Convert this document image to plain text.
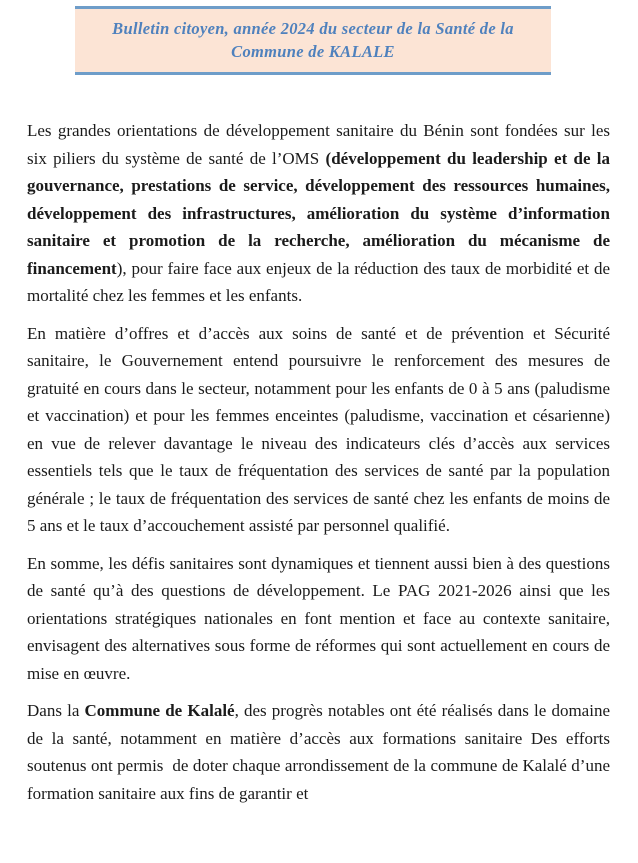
Bulletin citoyen, année 2024 du secteur de la Santé de la
Commune de KALALE

Les grandes orientations de développement sanitaire du Bénin sont fondées sur les six piliers du système de santé de l’OMS (développement du leadership et de la gouvernance, prestations de service, développement des ressources humaines, développement des infrastructures, amélioration du système d’information sanitaire et promotion de la recherche, amélioration du mécanisme de financement), pour faire face aux enjeux de la réduction des taux de morbidité et de mortalité chez les femmes et les enfants.

En matière d’offres et d’accès aux soins de santé et de prévention et Sécurité sanitaire, le Gouvernement entend poursuivre le renforcement des mesures de gratuité en cours dans le secteur, notamment pour les enfants de 0 à 5 ans (paludisme et vaccination) et pour les femmes enceintes (paludisme, vaccination et césarienne) en vue de relever davantage le niveau des indicateurs clés d’accès aux services essentiels tels que le taux de fréquentation des services de santé par la population générale ; le taux de fréquentation des services de santé chez les enfants de moins de 5 ans et le taux d’accouchement assisté par personnel qualifié.

En somme, les défis sanitaires sont dynamiques et tiennent aussi bien à des questions de santé qu’à des questions de développement. Le PAG 2021-2026 ainsi que les orientations stratégiques nationales en font mention et face au contexte sanitaire, envisagent des alternatives sous forme de réformes qui sont actuellement en cours de mise en œuvre.

Dans la Commune de Kalalé, des progrès notables ont été réalisés dans le domaine de la santé, notamment en matière d’accès aux formations sanitaire Des efforts soutenus ont permis  de doter chaque arrondissement de la commune de Kalalé d’une formation sanitaire aux fins de garantir et
